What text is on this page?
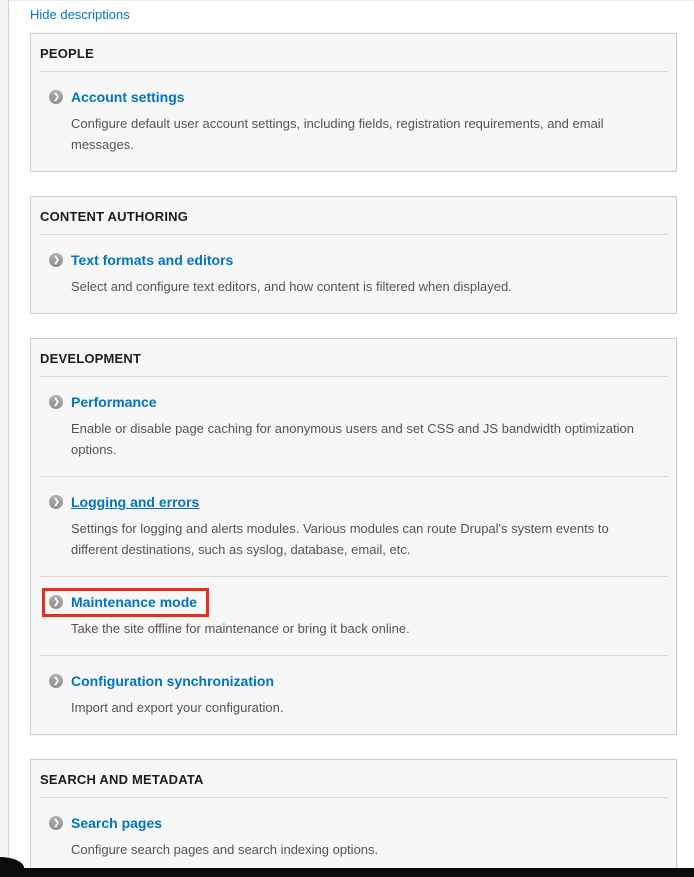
Hide descriptions
PEOPLE
❯ Account settings
Configure default user account settings, including fields, registration requirements, and email messages.
CONTENT AUTHORING
❯ Text formats and editors
Select and configure text editors, and how content is filtered when displayed.
DEVELOPMENT
❯ Performance
Enable or disable page caching for anonymous users and set CSS and JS bandwidth optimization options.
❯ Logging and errors
Settings for logging and alerts modules. Various modules can route Drupal's system events to different destinations, such as syslog, database, email, etc.
❯ Maintenance mode
Take the site offline for maintenance or bring it back online.
❯ Configuration synchronization
Import and export your configuration.
SEARCH AND METADATA
❯ Search pages
Configure search pages and search indexing options.
